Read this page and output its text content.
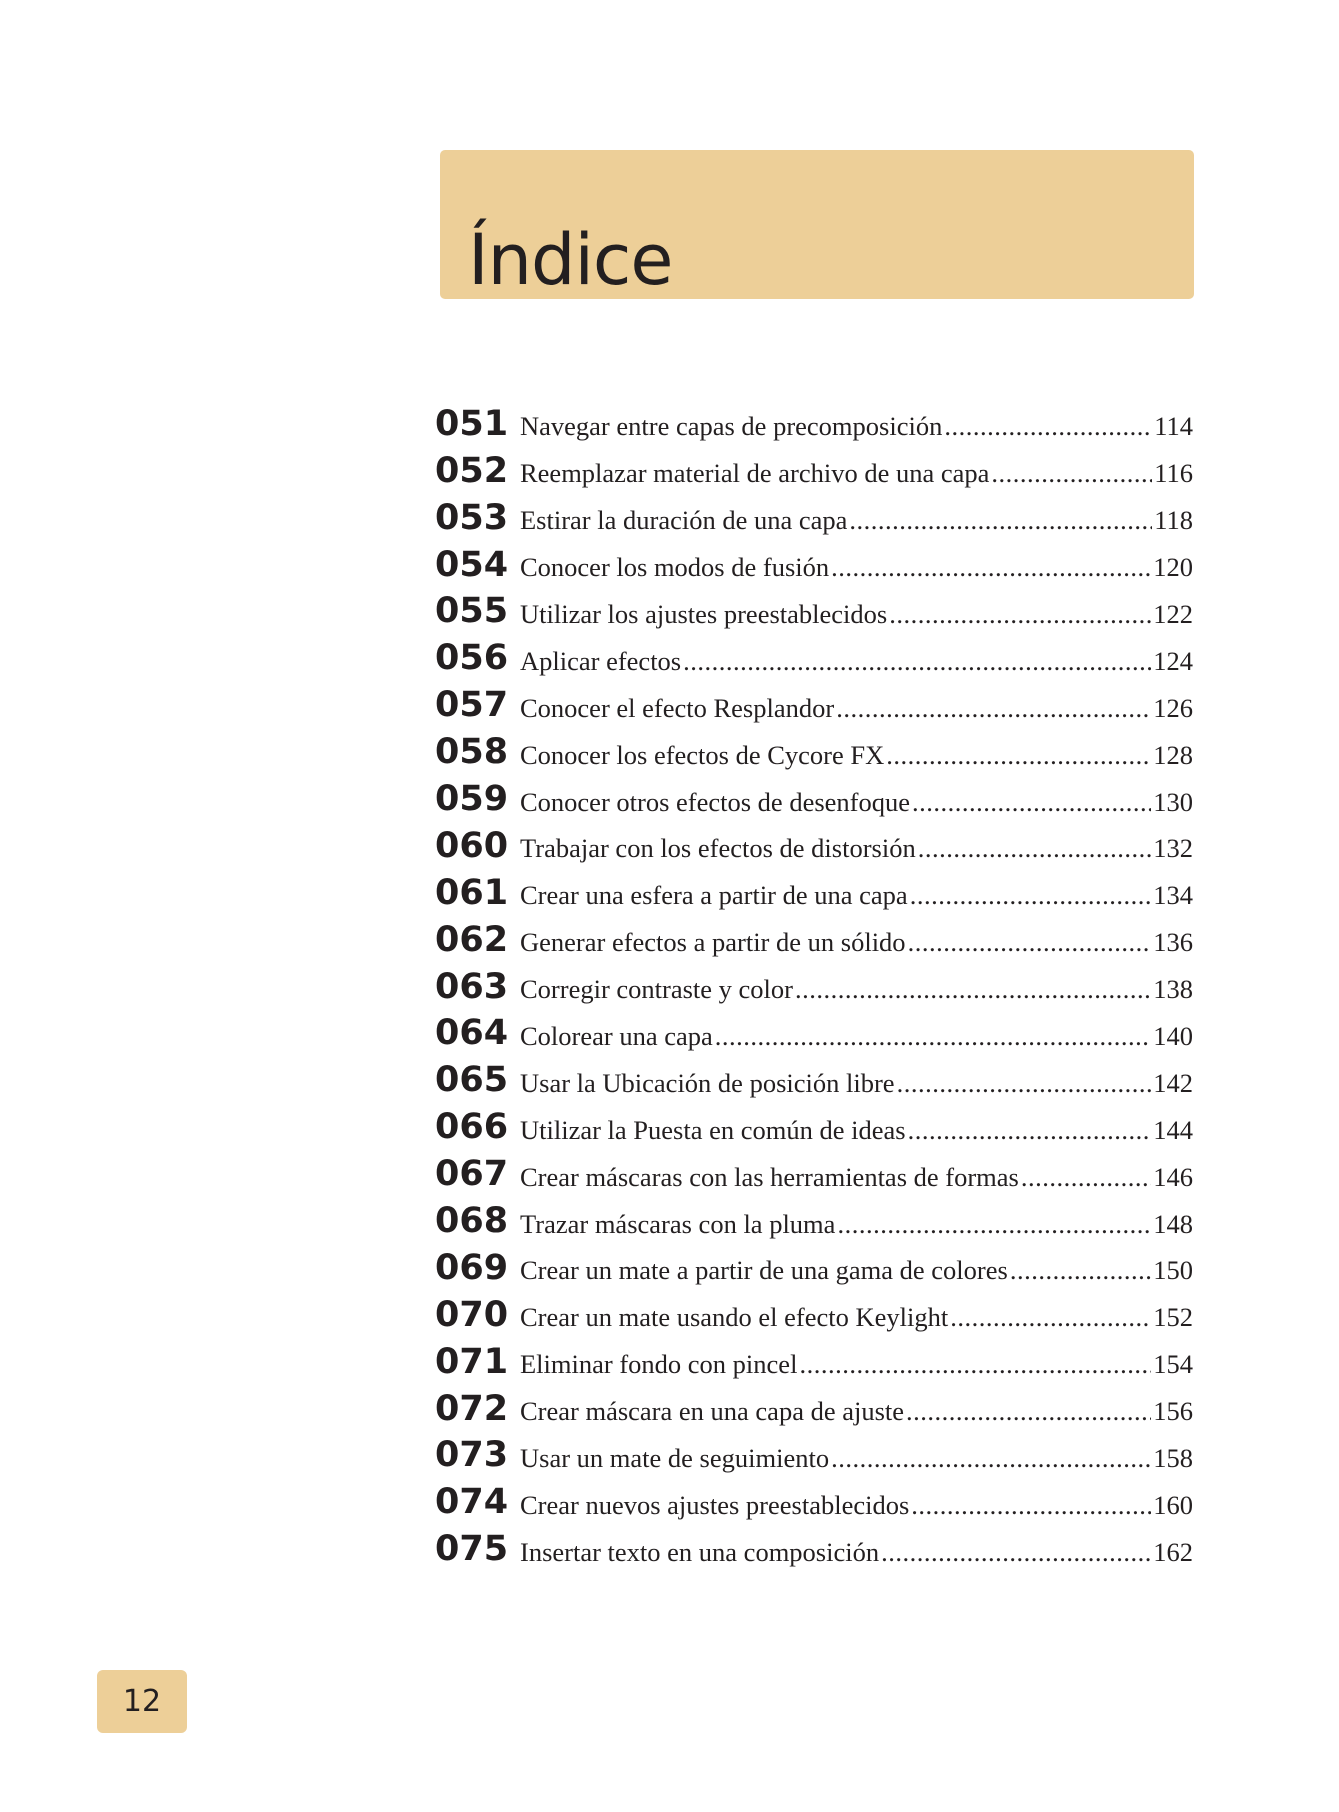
Índice
051 Navegar entre capas de precomposición .....	114
052 Reemplazar material de archivo de una capa .....	116
053 Estirar la duración de una capa .....	118
054 Conocer los modos de fusión .....	120
055 Utilizar los ajustes preestablecidos .....	122
056 Aplicar efectos .....	124
057 Conocer el efecto Resplandor .....	126
058 Conocer los efectos de Cycore FX .....	128
059 Conocer otros efectos de desenfoque .....	130
060 Trabajar con los efectos de distorsión .....	132
061 Crear una esfera a partir de una capa .....	134
062 Generar efectos a partir de un sólido .....	136
063 Corregir contraste y color .....	138
064 Colorear una capa .....	140
065 Usar la Ubicación de posición libre .....	142
066 Utilizar la Puesta en común de ideas .....	144
067 Crear máscaras con las herramientas de formas .....	146
068 Trazar máscaras con la pluma .....	148
069 Crear un mate a partir de una gama de colores .....	150
070 Crear un mate usando el efecto Keylight .....	152
071 Eliminar fondo con pincel .....	154
072 Crear máscara en una capa de ajuste .....	156
073 Usar un mate de seguimiento .....	158
074 Crear nuevos ajustes preestablecidos .....	160
075 Insertar texto en una composición .....	162
12
